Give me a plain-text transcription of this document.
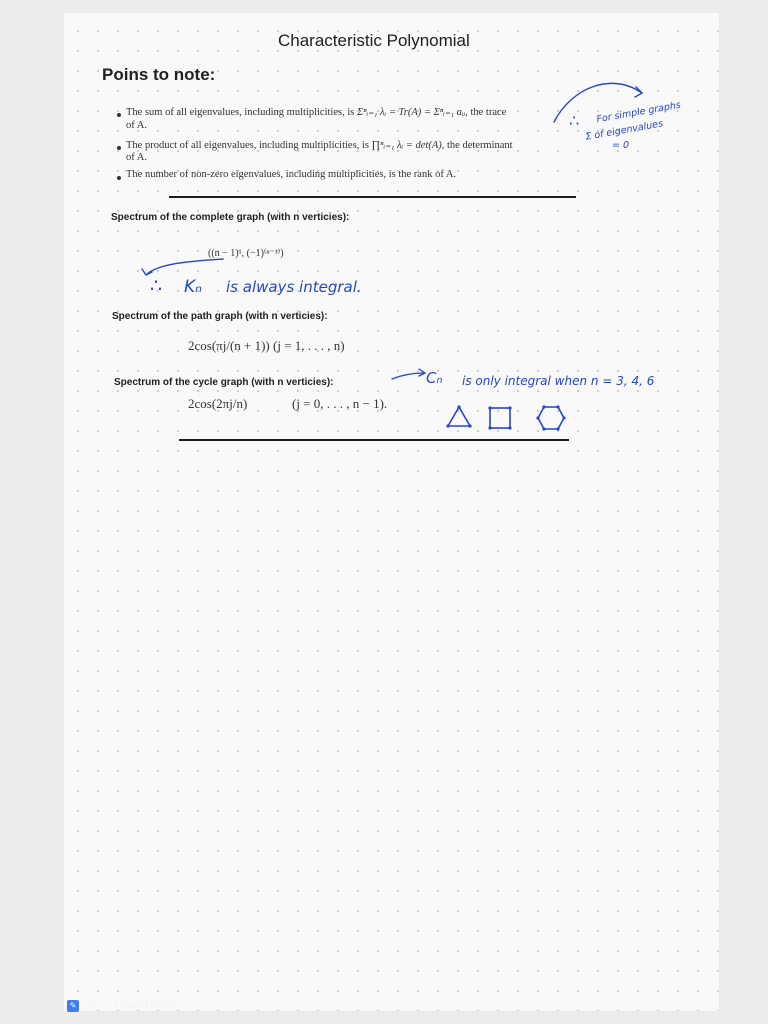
Characteristic Polynomial
Poins to note:
The sum of all eigenvalues, including multiplicities, is Σⁿᵢ₌₁ λᵢ = Tr(A) = Σⁿᵢ₌₁ aᵢᵢ, the trace
of A.
The product of all eigenvalues, including multiplicities, is ∏ⁿᵢ₌₁ λᵢ = det(A), the determinant
of A.
The number of non-zero eigenvalues, including multiplicities, is the rank of A.
∴ For simple graphs
Σ of eigenvalues
= 0
Spectrum of the complete graph (with n verticies):
((n − 1)¹, (−1)⁽ⁿ⁻¹⁾)
∴ Kₙ is always integral.
Spectrum of the path graph (with n verticies):
2cos(πj/(n + 1)) (j = 1, . . . , n)
Spectrum of the cycle graph (with n verticies):
2cos(2πj/n)	(j = 0, . . . , n − 1).
Cₙ is only integral when n = 3, 4, 6
✎ From Huawei Notes
